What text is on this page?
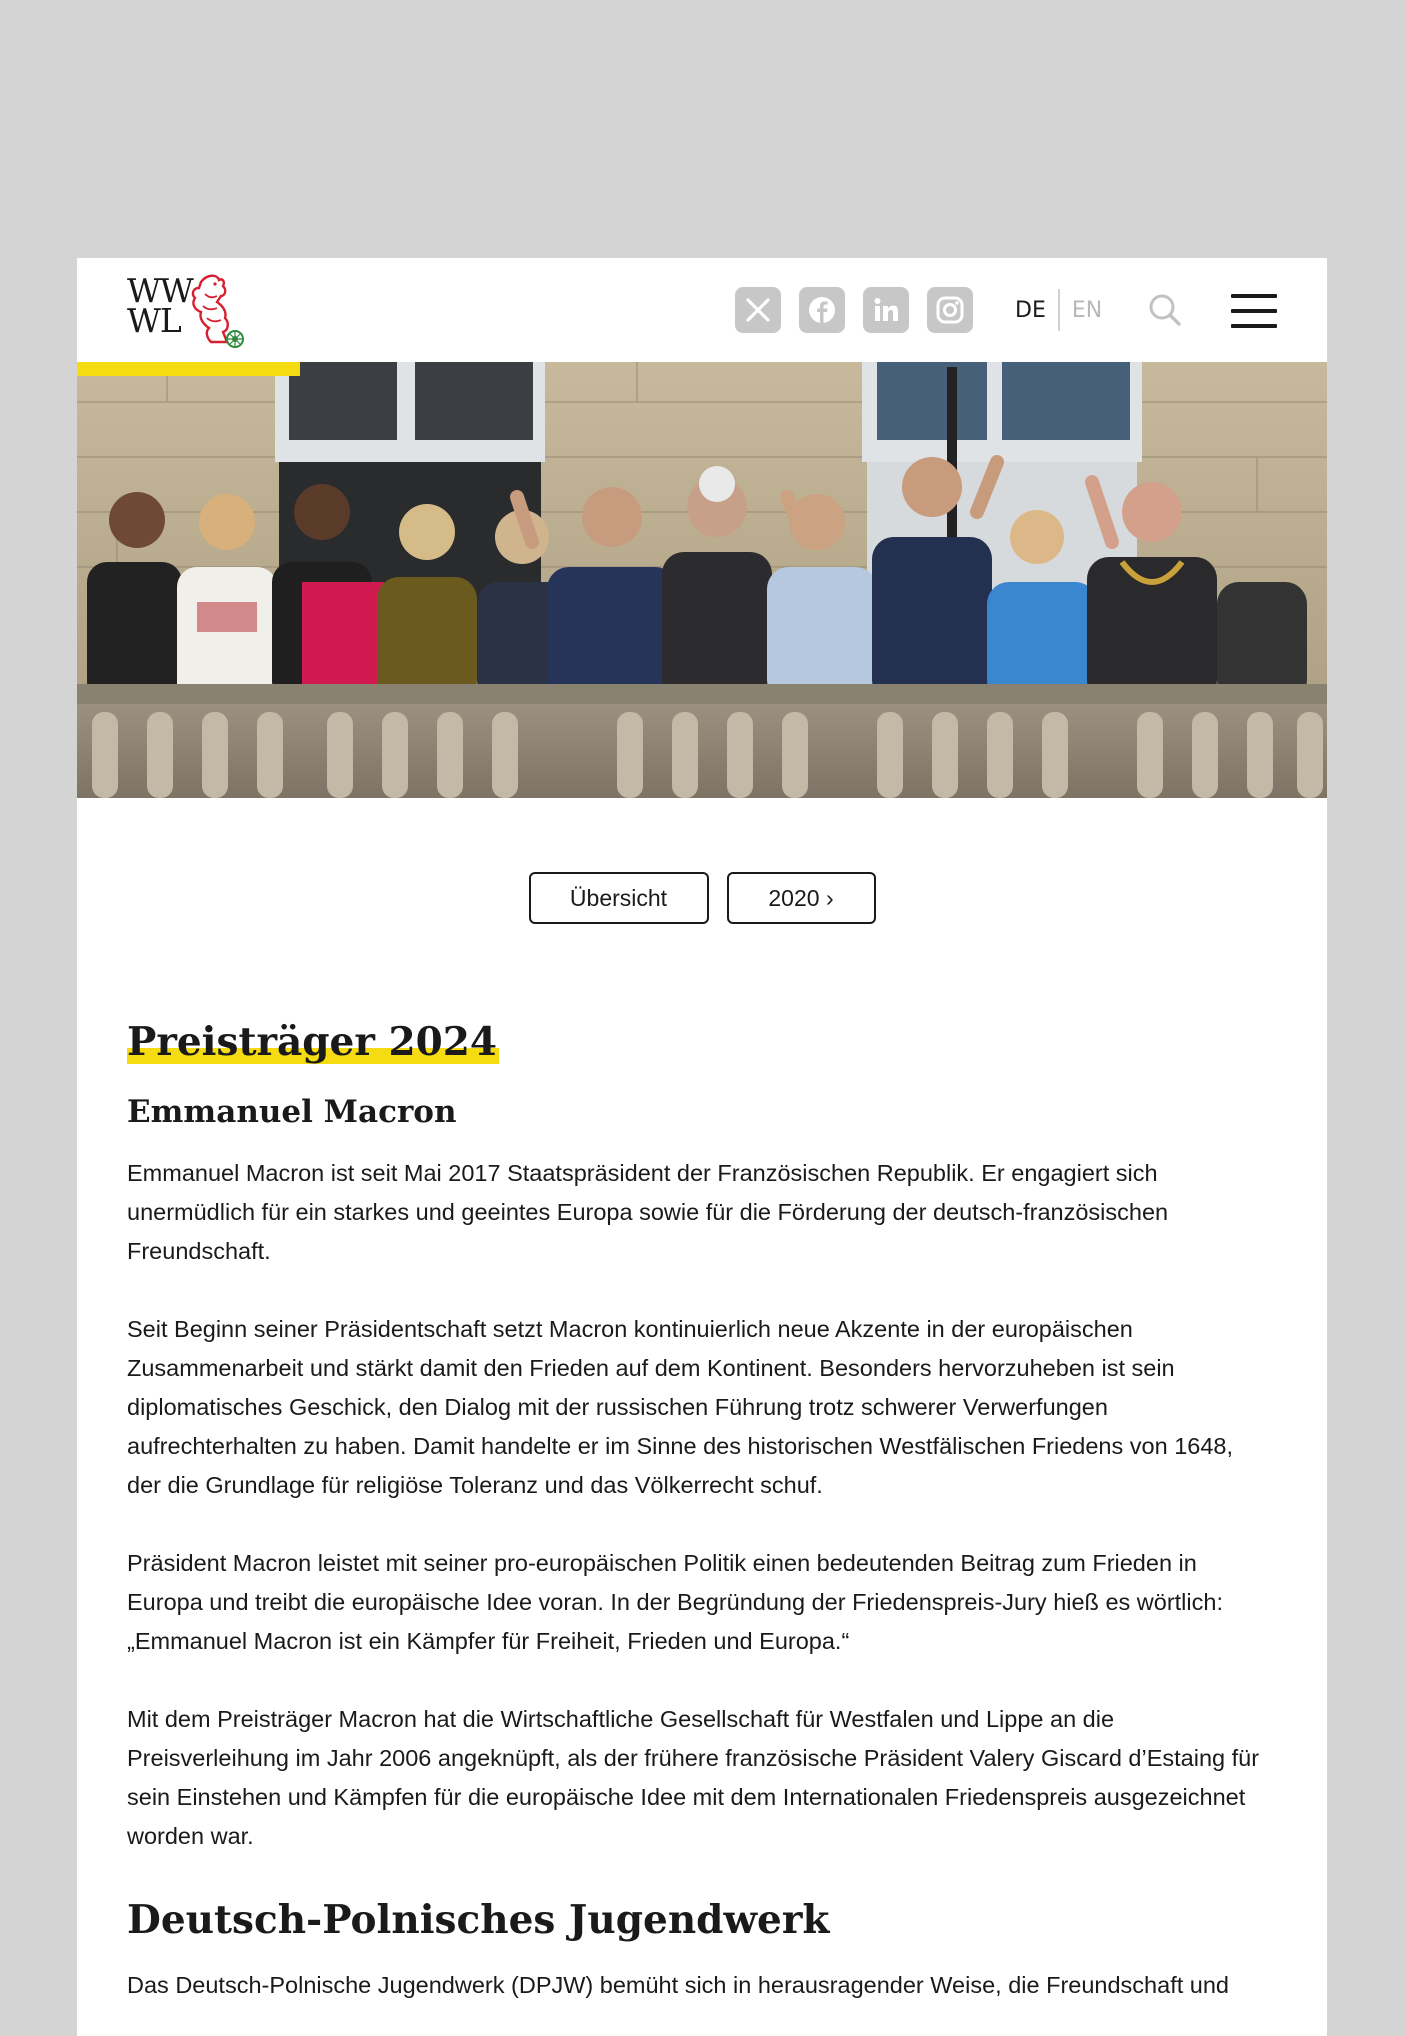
WW
WL	DE	EN
Übersicht	2020 ›
Preisträger 2024
Emmanuel Macron

Emmanuel Macron ist seit Mai 2017 Staatspräsident der Französischen Republik. Er engagiert sich unermüdlich für ein starkes und geeintes Europa sowie für die Förderung der deutsch-französischen Freundschaft.

Seit Beginn seiner Präsidentschaft setzt Macron kontinuierlich neue Akzente in der europäischen Zusammenarbeit und stärkt damit den Frieden auf dem Kontinent. Besonders hervorzuheben ist sein diplomatisches Geschick, den Dialog mit der russischen Führung trotz schwerer Verwerfungen aufrechterhalten zu haben. Damit handelte er im Sinne des historischen Westfälischen Friedens von 1648, der die Grundlage für religiöse Toleranz und das Völkerrecht schuf.

Präsident Macron leistet mit seiner pro-europäischen Politik einen bedeutenden Beitrag zum Frieden in Europa und treibt die europäische Idee voran. In der Begründung der Friedenspreis-Jury hieß es wörtlich: „Emmanuel Macron ist ein Kämpfer für Freiheit, Frieden und Europa.“

Mit dem Preisträger Macron hat die Wirtschaftliche Gesellschaft für Westfalen und Lippe an die Preisverleihung im Jahr 2006 angeknüpft, als der frühere französische Präsident Valery Giscard d’Estaing für sein Einstehen und Kämpfen für die europäische Idee mit dem Internationalen Friedenspreis ausgezeichnet worden war.

Deutsch-Polnisches Jugendwerk

Das Deutsch-Polnische Jugendwerk (DPJW) bemüht sich in herausragender Weise, die Freundschaft und
